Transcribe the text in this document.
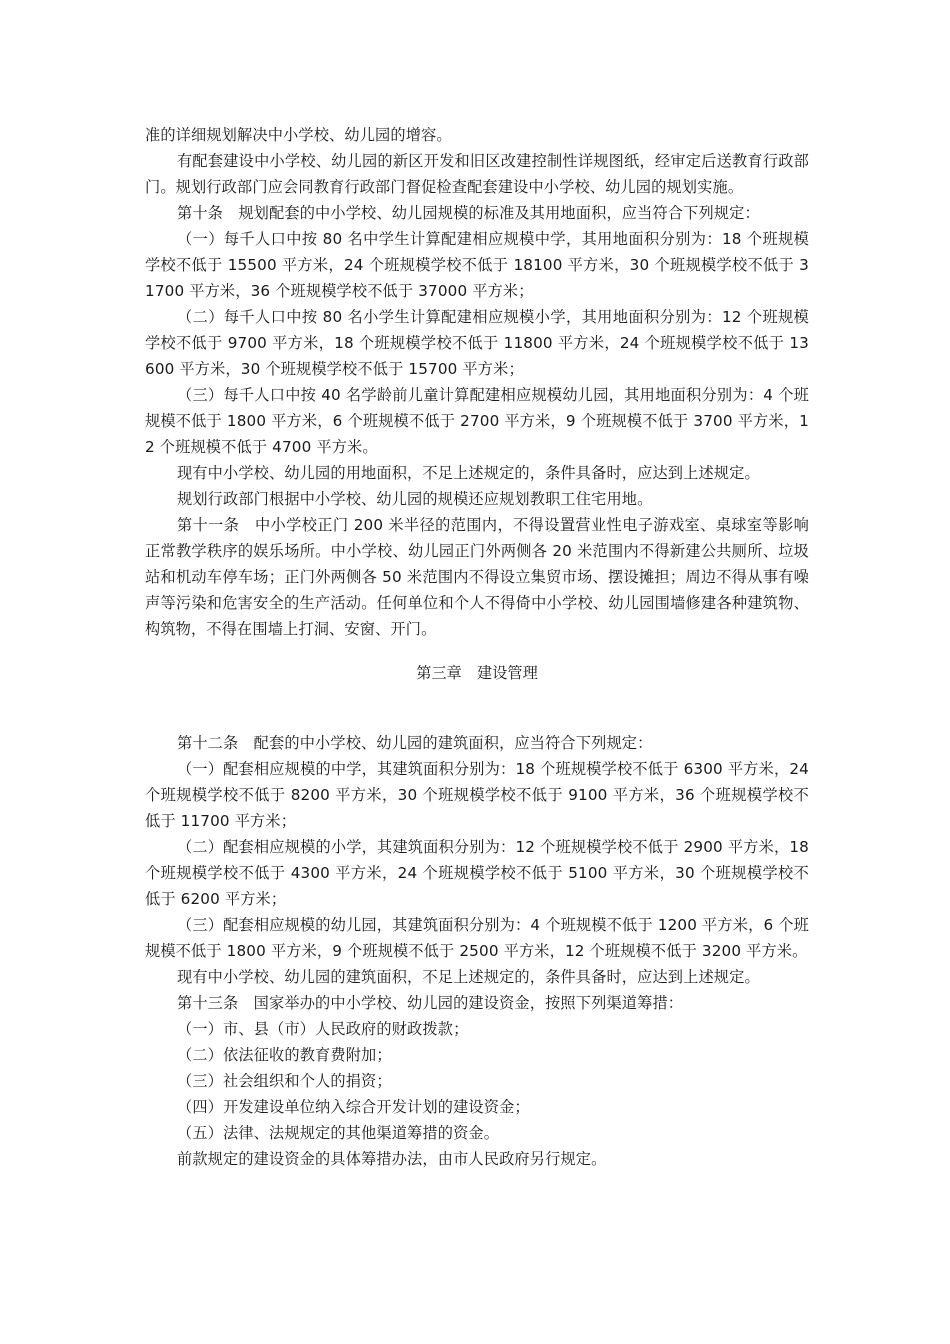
准的详细规划解决中小学校、幼儿园的增容。

有配套建设中小学校、幼儿园的新区开发和旧区改建控制性详规图纸，经审定后送教育行政部门。规划行政部门应会同教育行政部门督促检查配套建设中小学校、幼儿园的规划实施。

第十条　规划配套的中小学校、幼儿园规模的标准及其用地面积，应当符合下列规定：

（一）每千人口中按 80 名中学生计算配建相应规模中学，其用地面积分别为：18 个班规模学校不低于 15500 平方米，24 个班规模学校不低于 18100 平方米，30 个班规模学校不低于 31700 平方米，36 个班规模学校不低于 37000 平方米；

（二）每千人口中按 80 名小学生计算配建相应规模小学，其用地面积分别为：12 个班规模学校不低于 9700 平方米，18 个班规模学校不低于 11800 平方米，24 个班规模学校不低于 13600 平方米，30 个班规模学校不低于 15700 平方米；

（三）每千人口中按 40 名学龄前儿童计算配建相应规模幼儿园，其用地面积分别为：4 个班规模不低于 1800 平方米，6 个班规模不低于 2700 平方米，9 个班规模不低于 3700 平方米，12 个班规模不低于 4700 平方米。

现有中小学校、幼儿园的用地面积，不足上述规定的，条件具备时，应达到上述规定。

规划行政部门根据中小学校、幼儿园的规模还应规划教职工住宅用地。

第十一条　中小学校正门 200 米半径的范围内，不得设置营业性电子游戏室、桌球室等影响正常教学秩序的娱乐场所。中小学校、幼儿园正门外两侧各 20 米范围内不得新建公共厕所、垃圾站和机动车停车场；正门外两侧各 50 米范围内不得设立集贸市场、摆设摊担；周边不得从事有噪声等污染和危害安全的生产活动。任何单位和个人不得倚中小学校、幼儿园围墙修建各种建筑物、构筑物，不得在围墙上打洞、安窗、开门。

第三章　建设管理

第十二条　配套的中小学校、幼儿园的建筑面积，应当符合下列规定：

（一）配套相应规模的中学，其建筑面积分别为：18 个班规模学校不低于 6300 平方米，24 个班规模学校不低于 8200 平方米，30 个班规模学校不低于 9100 平方米，36 个班规模学校不低于 11700 平方米；

（二）配套相应规模的小学，其建筑面积分别为：12 个班规模学校不低于 2900 平方米，18 个班规模学校不低于 4300 平方米，24 个班规模学校不低于 5100 平方米，30 个班规模学校不低于 6200 平方米；

（三）配套相应规模的幼儿园，其建筑面积分别为：4 个班规模不低于 1200 平方米，6 个班规模不低于 1800 平方米，9 个班规模不低于 2500 平方米，12 个班规模不低于 3200 平方米。

现有中小学校、幼儿园的建筑面积，不足上述规定的，条件具备时，应达到上述规定。

第十三条　国家举办的中小学校、幼儿园的建设资金，按照下列渠道筹措：

（一）市、县（市）人民政府的财政拨款；

（二）依法征收的教育费附加；

（三）社会组织和个人的捐资；

（四）开发建设单位纳入综合开发计划的建设资金；

（五）法律、法规规定的其他渠道筹措的资金。

前款规定的建设资金的具体筹措办法，由市人民政府另行规定。
